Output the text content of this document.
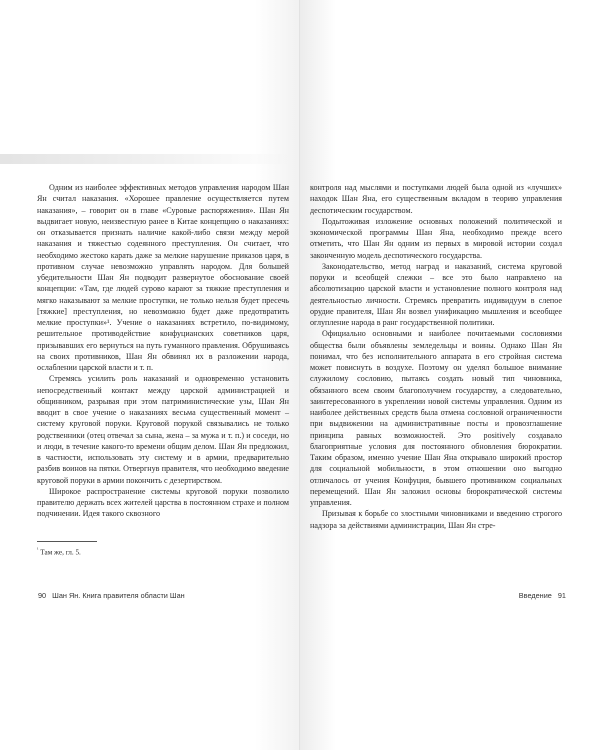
Одним из наиболее эффективных методов управления народом Шан Ян считал наказания. «Хорошее правление осуществляется путем наказания», – говорит он в главе «Суровые распоряжения». Шан Ян выдвигает новую, неизвестную ранее в Китае концепцию о наказаниях: он отказывается признать наличие какой-либо связи между мерой наказания и тяжестью содеянного преступления. Он считает, что необходимо жестоко карать даже за мелкие нарушение приказов царя, в противном случае невозможно управлять народом. Для большей убедительности Шан Ян подводит развернутое обоснование своей концепции: «Там, где людей сурово карают за тяжкие преступления и мягко наказывают за мелкие проступки, не только нельзя будет пресечь [тяжкие] преступления, но невозможно будет даже предотвратить мелкие проступки»¹. Учение о наказаниях встретило, по-видимому, решительное противодействие конфуцианских советников царя, призывавших его вернуться на путь гуманного правления. Обрушиваясь на своих противников, Шан Ян обвинял их в разложении народа, ослаблении царской власти и т. п.

Стремясь усилить роль наказаний и одновременно установить непосредственный контакт между царской администрацией и общинником, разрывая при этом патриминистические узы, Шан Ян вводит в свое учение о наказаниях весьма существенный момент – систему круговой поруки. Круговой порукой связывались не только родственники (отец отвечал за сына, жена – за мужа и т. п.) и соседи, но и люди, в течение какого-то времени общим делом. Шан Ян предложил, в частности, использовать эту систему и в армии, предварительно разбив воинов на пятки. Отвергнув правителя, что необходимо введение круговой поруки в армии покончить с дезертирством.

Широкое распространение системы круговой поруки позволило правителю держать всех жителей царства в постоянном страхе и полном подчинении. Идея такого сквозного

$^{^1}$ Там же, гл. 5.
90 Шан Ян. Книга правителя области Шан

контроля над мыслями и поступками людей была одной из «лучших» находок Шан Яна, его существенным вкладом в теорию управления деспотическим государством.

Подытоживая изложение основных положений политической и экономической программы Шан Яна, необходимо прежде всего отметить, что Шан Ян одним из первых в мировой истории создал законченную модель деспотического государства.

Законодательство, метод наград и наказаний, система круговой поруки и всеобщей слежки – все это было направлено на абсолютизацию царской власти и установление полного контроля над деятельностью личности. Стремясь превратить индивидуум в слепое орудие правителя, Шан Ян возвел унификацию мышления и всеобщее оглупление народа в ранг государственной политики.

Официально основными и наиболее почитаемыми сословиями общества были объявлены земледельцы и воины. Однако Шан Ян понимал, что без исполнительного аппарата в его стройная система может повиснуть в воздухе. Поэтому он уделял большое внимание служилому сословию, пытаясь создать новый тип чиновника, обязанного всем своим благополучием государству, а следовательно, заинтересованного в укреплении новой системы управления. Одним из наиболее действенных средств была отмена сословной ограниченности при выдвижении на административные посты и провозглашение принципа равных возможностей. Это positively создавало благоприятные условия для постоянного обновления бюрократии. Таким образом, именно учение Шан Яна открывало широкий простор для социальной мобильности, в этом отношении оно выгодно отличалось от учения Конфуция, бывшего противником социальных перемещений. Шан Ян заложил основы бюрократической системы управления.

Призывая к борьбе со злостными чиновниками и введению строгого надзора за действиями администрации, Шан Ян стре-

Введение 91
